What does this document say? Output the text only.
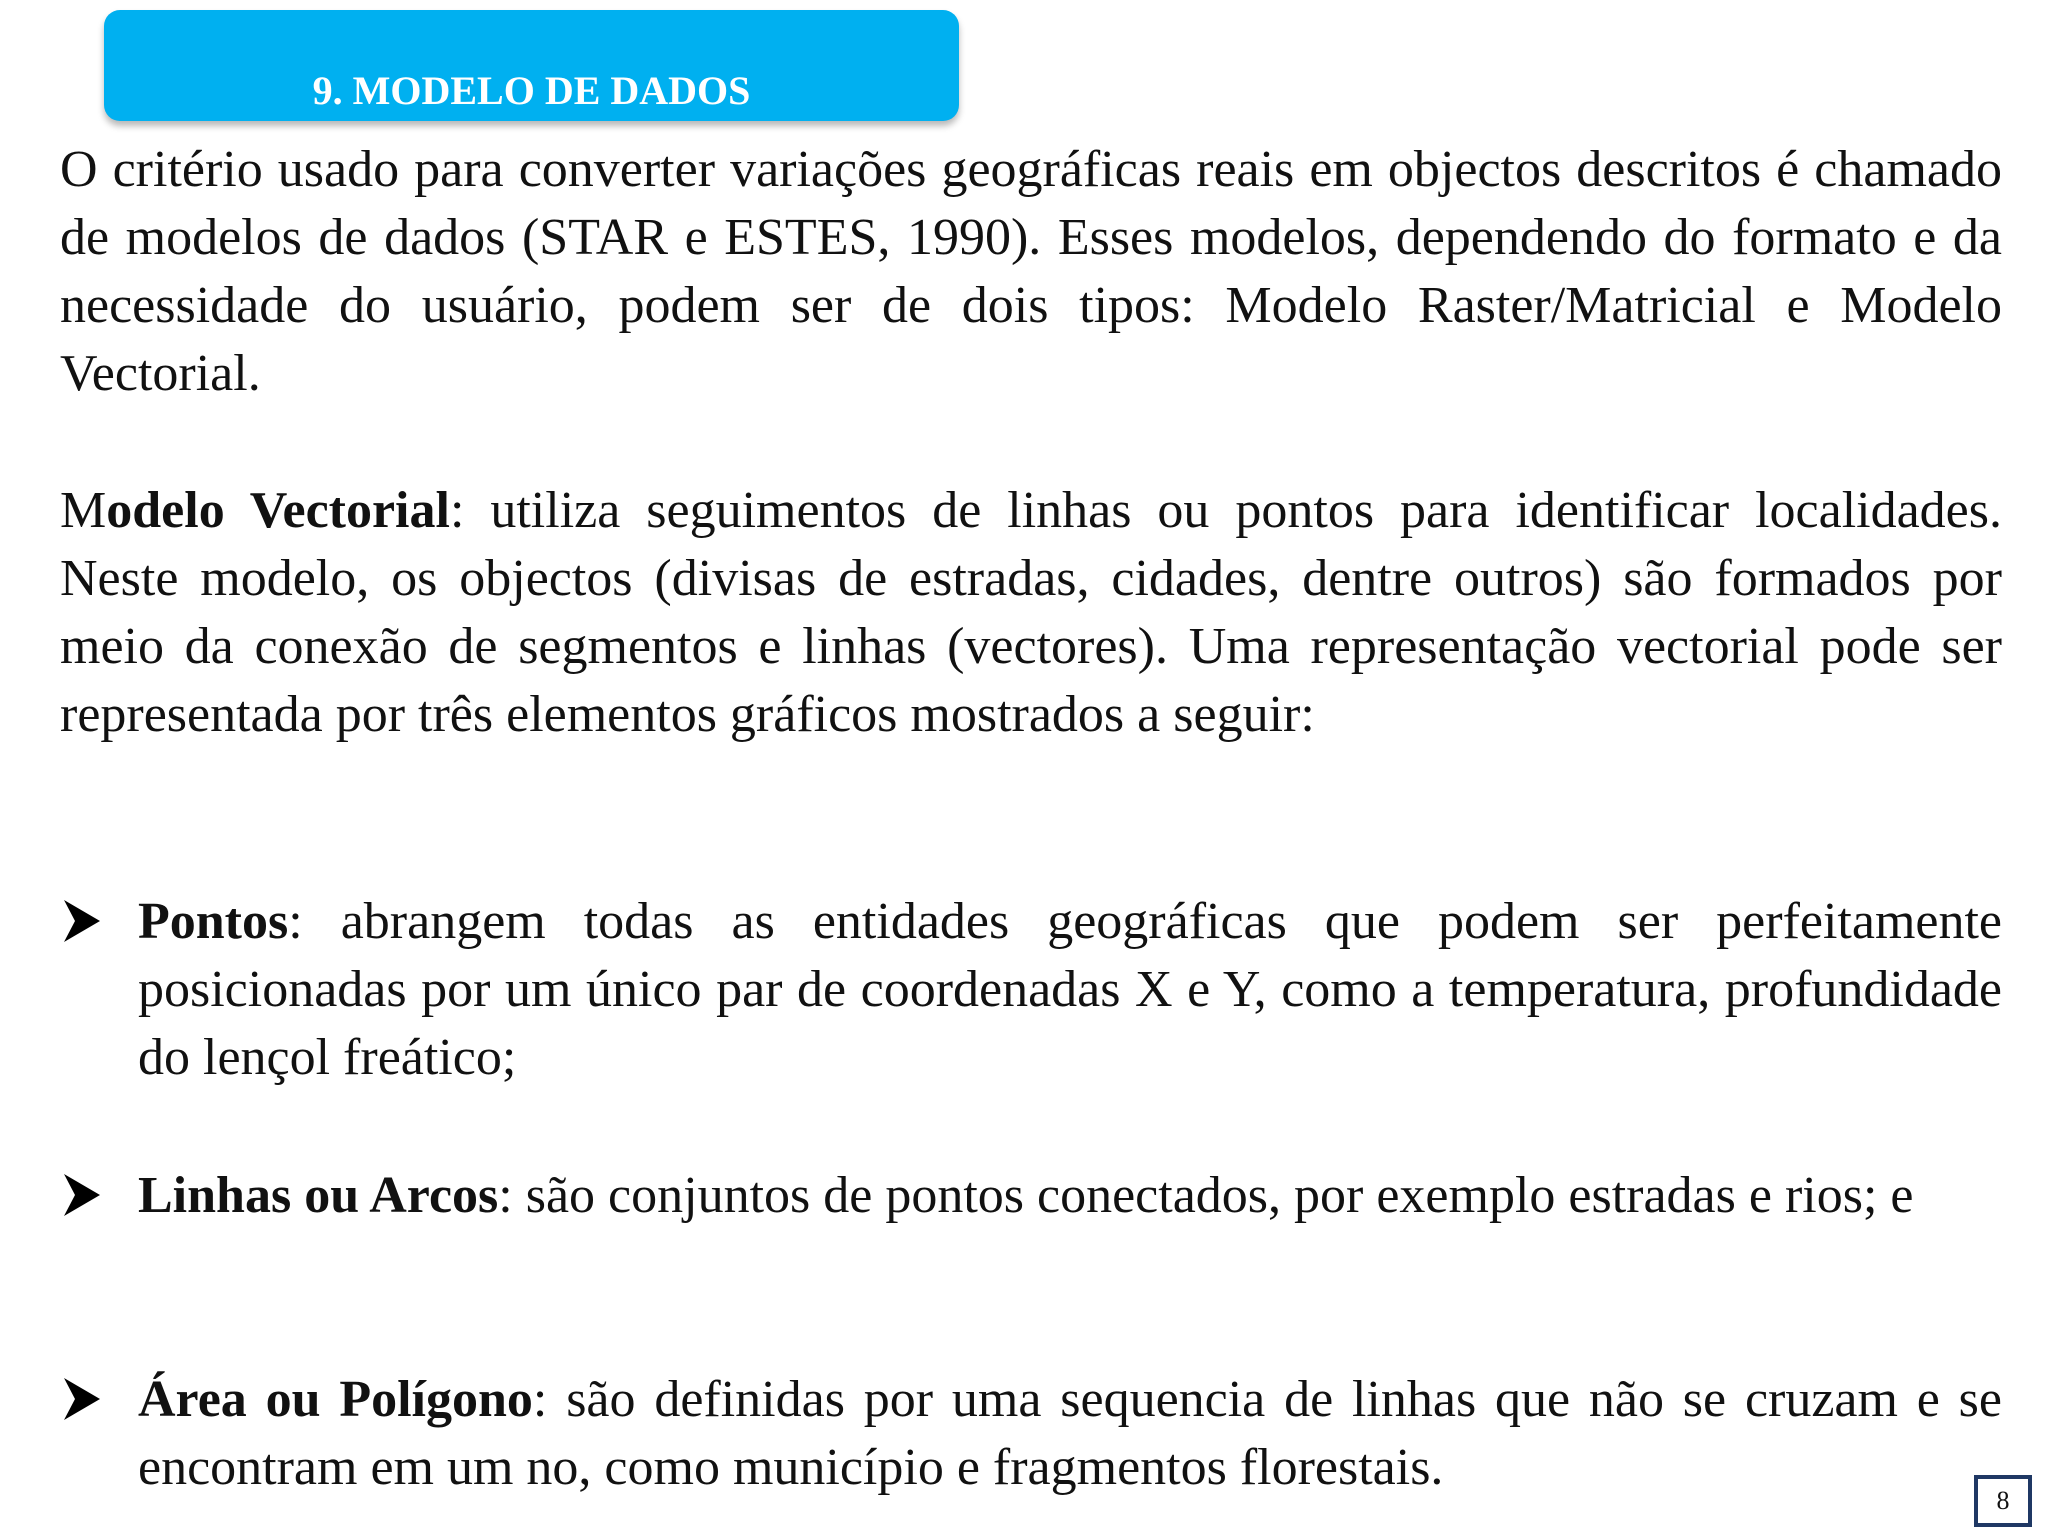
9. MODELO DE DADOS

O critério usado para converter variações geográficas reais em objectos descritos é chamado de modelos de dados (STAR e ESTES, 1990). Esses modelos, dependendo do formato e da necessidade do usuário, podem ser de dois tipos: Modelo Raster/Matricial e Modelo Vectorial.

Modelo Vectorial: utiliza seguimentos de linhas ou pontos para identificar localidades. Neste modelo, os objectos (divisas de estradas, cidades, dentre outros) são formados por meio da conexão de segmentos e linhas (vectores). Uma representação vectorial pode ser representada por três elementos gráficos mostrados a seguir:

Pontos: abrangem todas as entidades geográficas que podem ser perfeitamente posicionadas por um único par de coordenadas X e Y, como a temperatura, profundidade do lençol freático;

Linhas ou Arcos: são conjuntos de pontos conectados, por exemplo estradas e rios; e

Área ou Polígono: são definidas por uma sequencia de linhas que não se cruzam e se encontram em um no, como município e fragmentos florestais.

8
